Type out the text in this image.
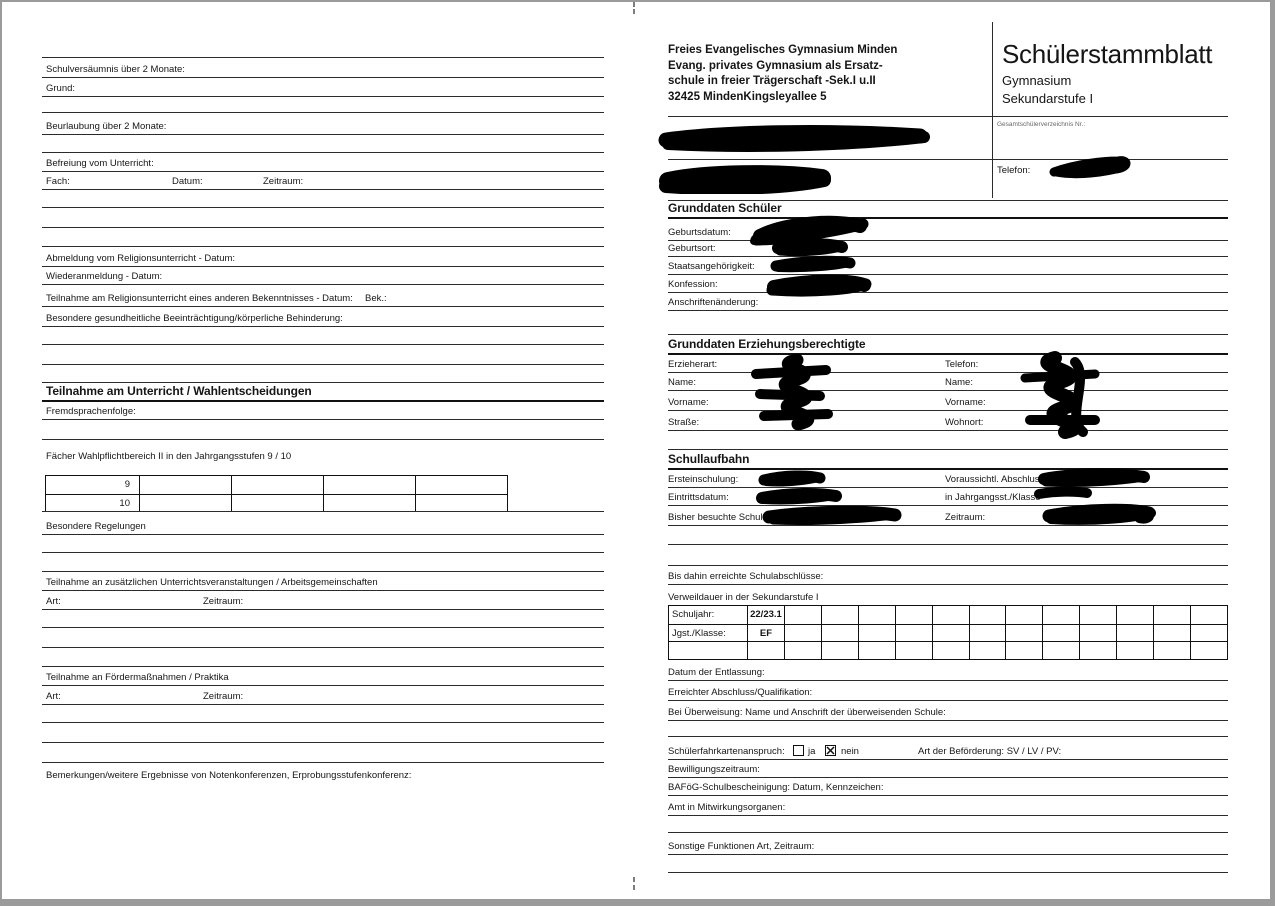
Schulversäumnis über 2 Monate:
Grund:
Beurlaubung über 2 Monate:
Befreiung vom Unterricht:
Fach:	Datum:	Zeitraum:
Abmeldung vom Religionsunterricht - Datum:
Wiederanmeldung - Datum:
Teilnahme am Religionsunterricht eines anderen Bekenntnisses - Datum: Bek.:
Besondere gesundheitliche Beeinträchtigung/körperliche Behinderung:
Teilnahme am Unterricht / Wahlentscheidungen
Fremdsprachenfolge:
Fächer Wahlpflichtbereich II in den Jahrgangsstufen 9 / 10
9
10
Besondere Regelungen
Teilnahme an zusätzlichen Unterrichtsveranstaltungen / Arbeitsgemeinschaften
Art:	Zeitraum:
Teilnahme an Fördermaßnahmen / Praktika
Art:	Zeitraum:
Bemerkungen/weitere Ergebnisse von Notenkonferenzen, Erprobungsstufenkonferenz:
Freies Evangelisches Gymnasium Minden
Evang. privates Gymnasium als Ersatz-
schule in freier Trägerschaft -Sek.I u.II
32425 MindenKingsleyallee 5
Schülerstammblatt
Gymnasium
Sekundarstufe I
Gesamtschülerverzeichnis Nr.:
Telefon:
Grunddaten Schüler
Geburtsdatum:
Geburtsort:
Staatsangehörigkeit:
Konfession:
Anschriftenänderung:
Grunddaten Erziehungsberechtigte
Erzieherart:	Telefon:
Name:	Name:
Vorname:	Vorname:
Straße:	Wohnort:
Schullaufbahn
Ersteinschulung:	Voraussichtl. Abschluss:
Eintrittsdatum:	in Jahrgangsst./Klasse
Bisher besuchte Schulen:	Zeitraum:
Bis dahin erreichte Schulabschlüsse:
Verweildauer in der Sekundarstufe I
Schuljahr:	22/23.1
Jgst./Klasse:	EF
Datum der Entlassung:
Erreichter Abschluss/Qualifikation:
Bei Überweisung: Name und Anschrift der überweisenden Schule:
Schülerfahrkartenanspruch: ja	nein	Art der Beförderung: SV / LV / PV:
Bewilligungszeitraum:
BAFöG-Schulbescheinigung: Datum, Kennzeichen:
Amt in Mitwirkungsorganen:
Sonstige Funktionen Art, Zeitraum:
